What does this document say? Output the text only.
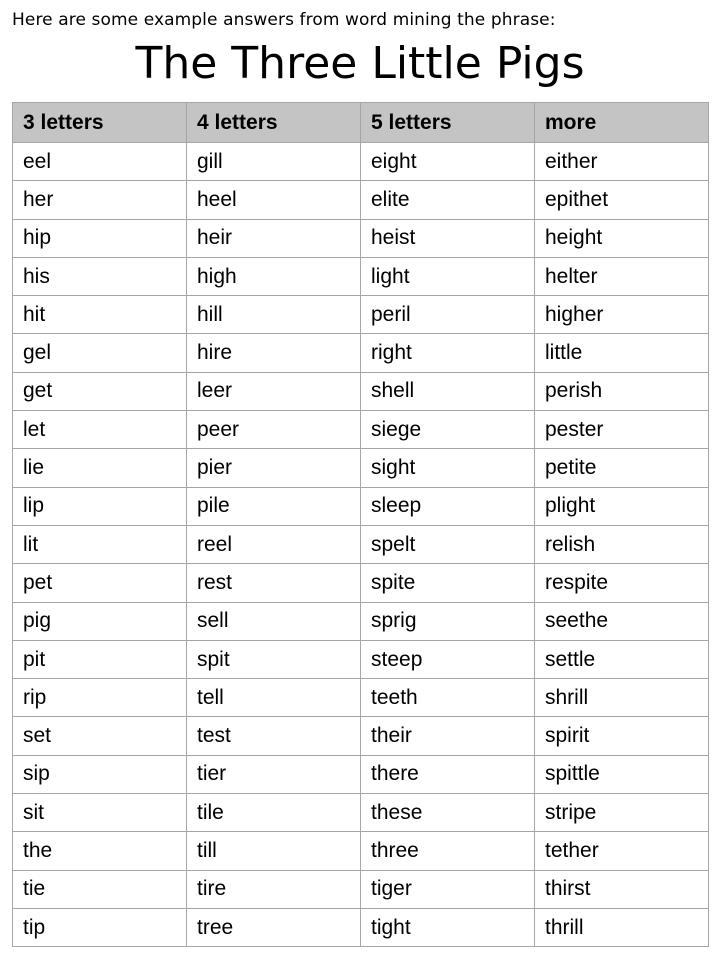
Here are some example answers from word mining the phrase:
The Three Little Pigs
3 letters	4 letters	5 letters	more
eel	gill	eight	either
her	heel	elite	epithet
hip	heir	heist	height
his	high	light	helter
hit	hill	peril	higher
gel	hire	right	little
get	leer	shell	perish
let	peer	siege	pester
lie	pier	sight	petite
lip	pile	sleep	plight
lit	reel	spelt	relish
pet	rest	spite	respite
pig	sell	sprig	seethe
pit	spit	steep	settle
rip	tell	teeth	shrill
set	test	their	spirit
sip	tier	there	spittle
sit	tile	these	stripe
the	till	three	tether
tie	tire	tiger	thirst
tip	tree	tight	thrill
